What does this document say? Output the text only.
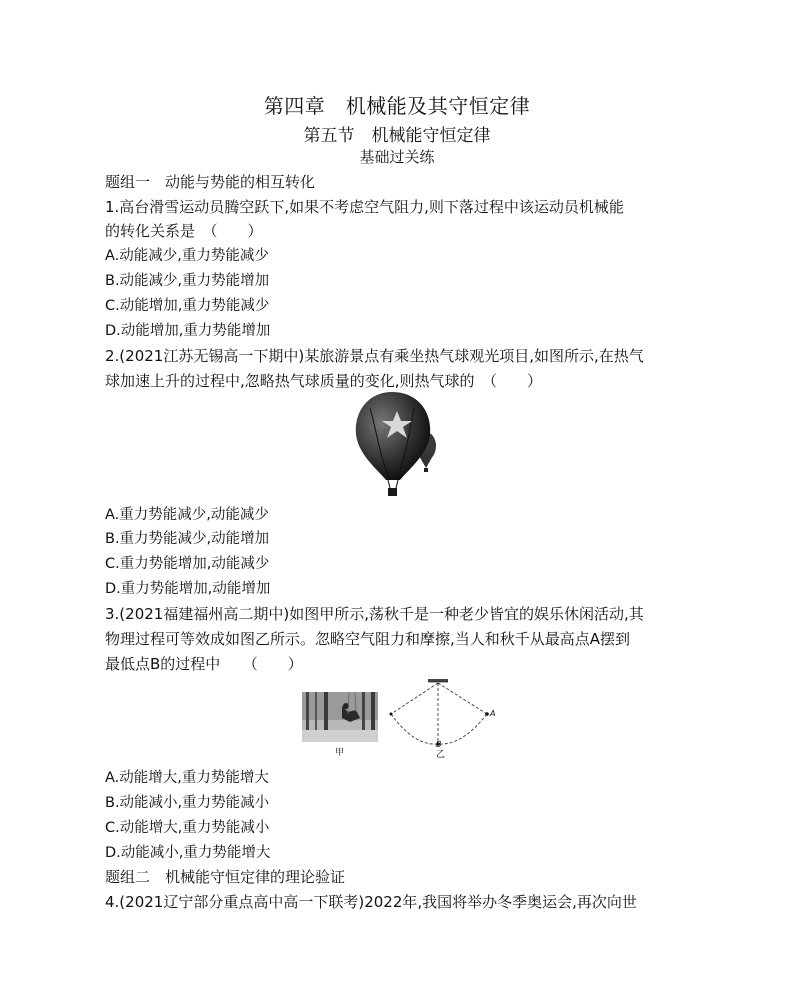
第四章　机械能及其守恒定律
第五节　机械能守恒定律
基础过关练
题组一　动能与势能的相互转化
1.高台滑雪运动员腾空跃下,如果不考虑空气阻力,则下落过程中该运动员机械能
的转化关系是　（　　）
A.动能减少,重力势能减少
B.动能减少,重力势能增加
C.动能增加,重力势能减少
D.动能增加,重力势能增加
2.(2021江苏无锡高一下期中)某旅游景点有乘坐热气球观光项目,如图所示,在热气
球加速上升的过程中,忽略热气球质量的变化,则热气球的　（　　）
A.重力势能减少,动能减少
B.重力势能减少,动能增加
C.重力势能增加,动能减少
D.重力势能增加,动能增加
3.(2021福建福州高二期中)如图甲所示,荡秋千是一种老少皆宜的娱乐休闲活动,其
物理过程可等效成如图乙所示。忽略空气阻力和摩擦,当人和秋千从最高点A摆到
最低点B的过程中　　（　　）
甲
A
B
乙
A.动能增大,重力势能增大
B.动能减小,重力势能减小
C.动能增大,重力势能减小
D.动能减小,重力势能增大
题组二　机械能守恒定律的理论验证
4.(2021辽宁部分重点高中高一下联考)2022年,我国将举办冬季奥运会,再次向世
